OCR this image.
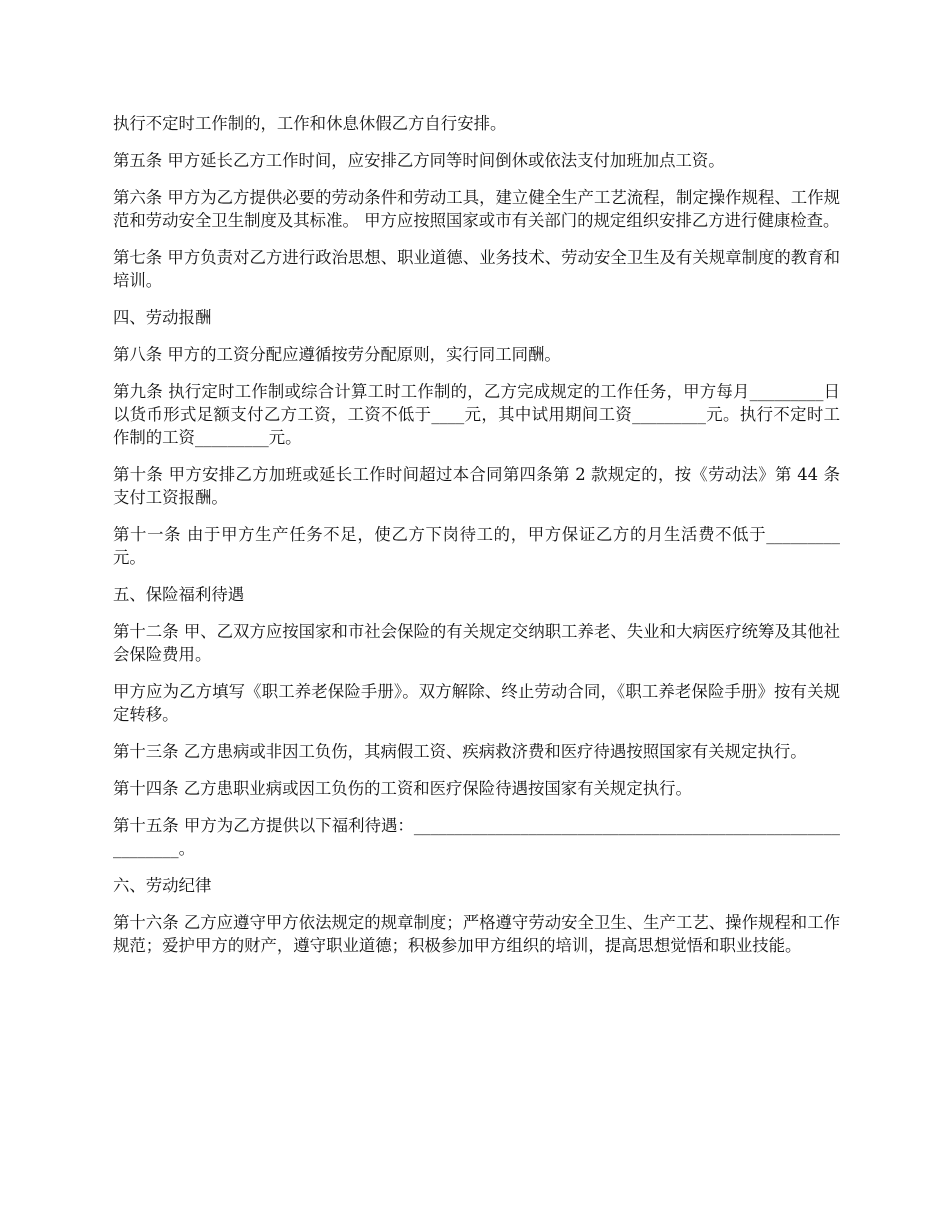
执行不定时工作制的，工作和休息休假乙方自行安排。

第五条 甲方延长乙方工作时间，应安排乙方同等时间倒休或依法支付加班加点工资。

第六条 甲方为乙方提供必要的劳动条件和劳动工具，建立健全生产工艺流程，制定操作规程、工作规范和劳动安全卫生制度及其标准。 甲方应按照国家或市有关部门的规定组织安排乙方进行健康检查。

第七条 甲方负责对乙方进行政治思想、职业道德、业务技术、劳动安全卫生及有关规章制度的教育和培训。

四、劳动报酬

第八条 甲方的工资分配应遵循按劳分配原则，实行同工同酬。

第九条 执行定时工作制或综合计算工时工作制的，乙方完成规定的工作任务，甲方每月_________日以货币形式足额支付乙方工资，工资不低于____元，其中试用期间工资_________元。执行不定时工作制的工资_________元。

第十条 甲方安排乙方加班或延长工作时间超过本合同第四条第 2 款规定的，按《劳动法》第 44 条支付工资报酬。

第十一条 由于甲方生产任务不足，使乙方下岗待工的，甲方保证乙方的月生活费不低于_________元。

五、保险福利待遇

第十二条 甲、乙双方应按国家和市社会保险的有关规定交纳职工养老、失业和大病医疗统筹及其他社会保险费用。

甲方应为乙方填写《职工养老保险手册》。双方解除、终止劳动合同，《职工养老保险手册》按有关规定转移。

第十三条 乙方患病或非因工负伤，其病假工资、疾病救济费和医疗待遇按照国家有关规定执行。

第十四条 乙方患职业病或因工负伤的工资和医疗保险待遇按国家有关规定执行。

第十五条 甲方为乙方提供以下福利待遇：____________________________________________________________。

六、劳动纪律

第十六条 乙方应遵守甲方依法规定的规章制度；严格遵守劳动安全卫生、生产工艺、操作规程和工作规范；爱护甲方的财产，遵守职业道德；积极参加甲方组织的培训，提高思想觉悟和职业技能。
